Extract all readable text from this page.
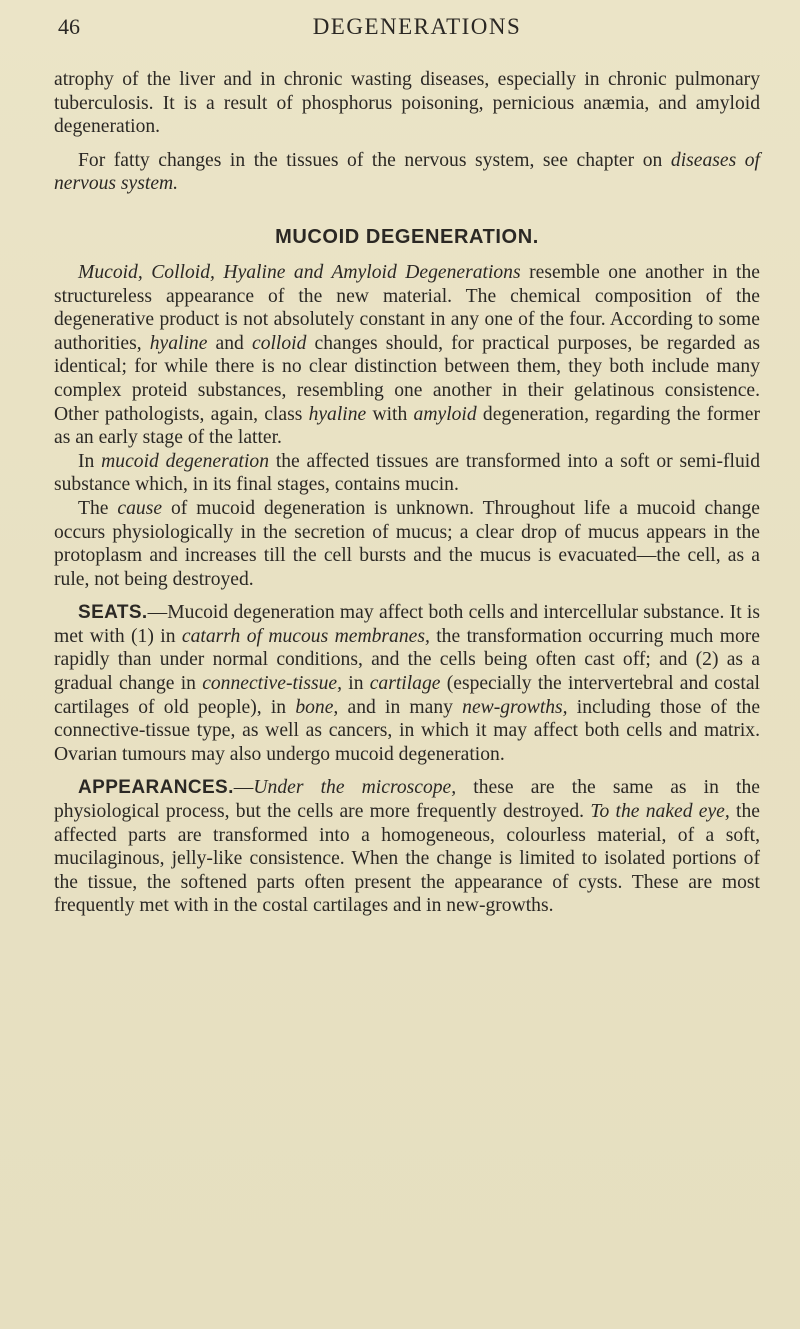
46	DEGENERATIONS

atrophy of the liver and in chronic wasting diseases, especially in chronic pulmonary tuberculosis. It is a result of phosphorus poisoning, pernicious anæmia, and amyloid degeneration.

For fatty changes in the tissues of the nervous system, see chapter on diseases of nervous system.

MUCOID DEGENERATION.

Mucoid, Colloid, Hyaline and Amyloid Degenerations resemble one another in the structureless appearance of the new material. The chemical composition of the degenerative product is not absolutely constant in any one of the four. According to some authorities, hyaline and colloid changes should, for practical purposes, be regarded as identical; for while there is no clear distinction between them, they both include many complex proteid substances, resembling one another in their gelatinous consistence. Other pathologists, again, class hyaline with amyloid degeneration, regarding the former as an early stage of the latter.

In mucoid degeneration the affected tissues are transformed into a soft or semi-fluid substance which, in its final stages, contains mucin.

The cause of mucoid degeneration is unknown. Throughout life a mucoid change occurs physiologically in the secretion of mucus; a clear drop of mucus appears in the protoplasm and increases till the cell bursts and the mucus is evacuated—the cell, as a rule, not being destroyed.

SEATS.—Mucoid degeneration may affect both cells and intercellular substance. It is met with (1) in catarrh of mucous membranes, the transformation occurring much more rapidly than under normal conditions, and the cells being often cast off; and (2) as a gradual change in connective-tissue, in cartilage (especially the intervertebral and costal cartilages of old people), in bone, and in many new-growths, including those of the connective-tissue type, as well as cancers, in which it may affect both cells and matrix. Ovarian tumours may also undergo mucoid degeneration.

APPEARANCES.—Under the microscope, these are the same as in the physiological process, but the cells are more frequently destroyed. To the naked eye, the affected parts are transformed into a homogeneous, colourless material, of a soft, mucilaginous, jelly-like consistence. When the change is limited to isolated portions of the tissue, the softened parts often present the appearance of cysts. These are most frequently met with in the costal cartilages and in new-growths.
